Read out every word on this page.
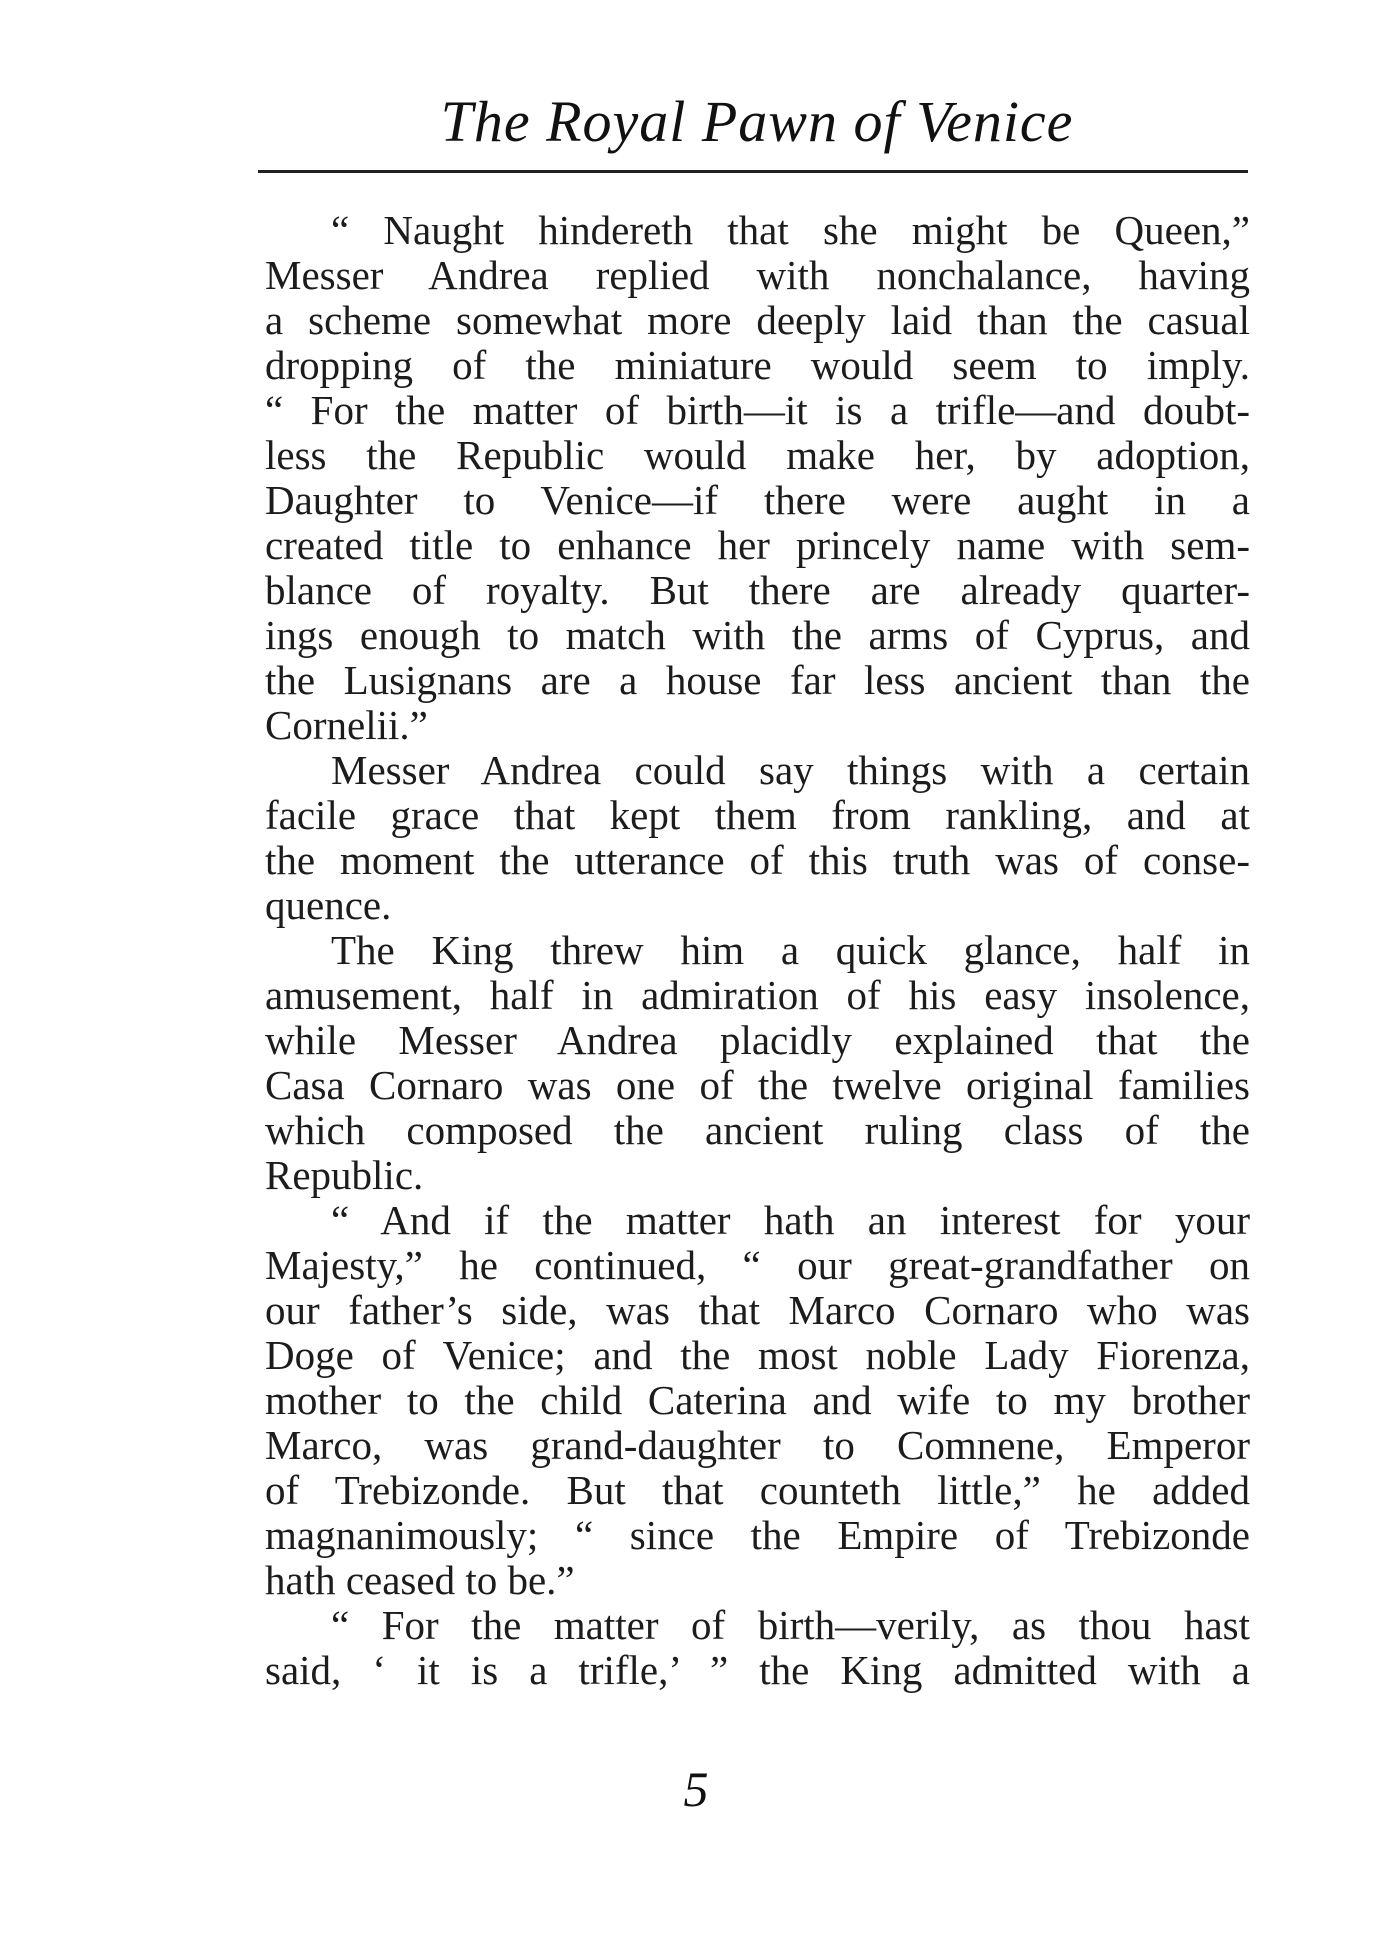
The Royal Pawn of Venice
“ Naught hindereth that she might be Queen,”
Messer Andrea replied with nonchalance, having
a scheme somewhat more deeply laid than the casual
dropping of the miniature would seem to imply.
“ For the matter of birth—it is a trifle—and doubt-
less the Republic would make her, by adoption,
Daughter to Venice—if there were aught in a
created title to enhance her princely name with sem-
blance of royalty. But there are already quarter-
ings enough to match with the arms of Cyprus, and
the Lusignans are a house far less ancient than the
Cornelii.”
Messer Andrea could say things with a certain
facile grace that kept them from rankling, and at
the moment the utterance of this truth was of conse-
quence.
The King threw him a quick glance, half in
amusement, half in admiration of his easy insolence,
while Messer Andrea placidly explained that the
Casa Cornaro was one of the twelve original families
which composed the ancient ruling class of the
Republic.
“ And if the matter hath an interest for your
Majesty,” he continued, “ our great-grandfather on
our father’s side, was that Marco Cornaro who was
Doge of Venice; and the most noble Lady Fiorenza,
mother to the child Caterina and wife to my brother
Marco, was grand-daughter to Comnene, Emperor
of Trebizonde. But that counteth little,” he added
magnanimously; “ since the Empire of Trebizonde
hath ceased to be.”
“ For the matter of birth—verily, as thou hast
said, ‘ it is a trifle,’ ” the King admitted with a
5
